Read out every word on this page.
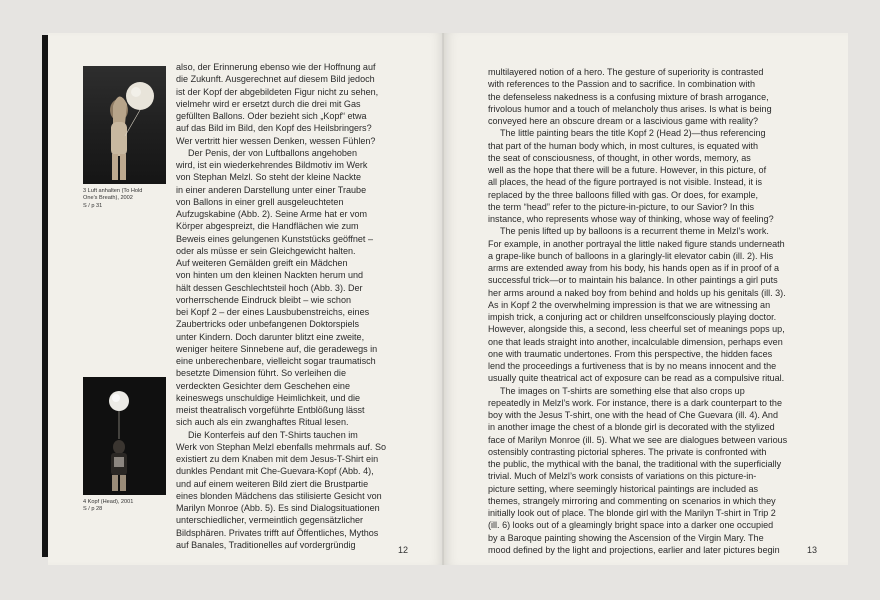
3 Luft anhalten (To Hold
One's Breath), 2002
S / p 31
4 Kopf (Head), 2001
S / p 28

also, der Erinnerung ebenso wie der Hoffnung auf
die Zukunft. Ausgerechnet auf diesem Bild jedoch
ist der Kopf der abgebildeten Figur nicht zu sehen,
vielmehr wird er ersetzt durch die drei mit Gas
gefüllten Ballons. Oder bezieht sich „Kopf“ etwa
auf das Bild im Bild, den Kopf des Heilsbringers?
Wer vertritt hier wessen Denken, wessen Fühlen?

Der Penis, der von Luftballons angehoben
wird, ist ein wiederkehrendes Bildmotiv im Werk
von Stephan Melzl. So steht der kleine Nackte
in einer anderen Darstellung unter einer Traube
von Ballons in einer grell ausgeleuchteten
Aufzugskabine (Abb. 2). Seine Arme hat er vom
Körper abgespreizt, die Handflächen wie zum
Beweis eines gelungenen Kunststücks geöffnet –
oder als müsse er sein Gleichgewicht halten.
Auf weiteren Gemälden greift ein Mädchen
von hinten um den kleinen Nackten herum und
hält dessen Geschlechtsteil hoch (Abb. 3). Der
vorherrschende Eindruck bleibt – wie schon
bei Kopf 2 – der eines Lausbubenstreichs, eines
Zaubertricks oder unbefangenen Doktorspiels
unter Kindern. Doch darunter blitzt eine zweite,
weniger heitere Sinnebene auf, die geradewegs in
eine unberechenbare, vielleicht sogar traumatisch
besetzte Dimension führt. So verleihen die
verdeckten Gesichter dem Geschehen eine
keineswegs unschuldige Heimlichkeit, und die
meist theatralisch vorgeführte Entblößung lässt
sich auch als ein zwanghaftes Ritual lesen.

Die Konterfeis auf den T-Shirts tauchen im
Werk von Stephan Melzl ebenfalls mehrmals auf. So
existiert zu dem Knaben mit dem Jesus-T-Shirt ein
dunkles Pendant mit Che-Guevara-Kopf (Abb. 4),
und auf einem weiteren Bild ziert die Brustpartie
eines blonden Mädchens das stilisierte Gesicht von
Marilyn Monroe (Abb. 5). Es sind Dialogsituationen
unterschiedlicher, vermeintlich gegensätzlicher
Bildsphären. Privates trifft auf Öffentliches, Mythos
auf Banales, Traditionelles auf vordergründig

12

multilayered notion of a hero. The gesture of superiority is contrasted
with references to the Passion and to sacrifice. In combination with
the defenseless nakedness is a confusing mixture of brash arrogance,
frivolous humor and a touch of melancholy thus arises. Is what is being
conveyed here an obscure dream or a lascivious game with reality?

The little painting bears the title Kopf 2 (Head 2)—thus referencing
that part of the human body which, in most cultures, is equated with
the seat of consciousness, of thought, in other words, memory, as
well as the hope that there will be a future. However, in this picture, of
all places, the head of the figure portrayed is not visible. Instead, it is
replaced by the three balloons filled with gas. Or does, for example,
the term “head” refer to the picture-in-picture, to our Savior? In this
instance, who represents whose way of thinking, whose way of feeling?

The penis lifted up by balloons is a recurrent theme in Melzl’s work.
For example, in another portrayal the little naked figure stands underneath
a grape-like bunch of balloons in a glaringly-lit elevator cabin (ill. 2). His
arms are extended away from his body, his hands open as if in proof of a
successful trick—or to maintain his balance. In other paintings a girl puts
her arms around a naked boy from behind and holds up his genitals (ill. 3).
As in Kopf 2 the overwhelming impression is that we are witnessing an
impish trick, a conjuring act or children unselfconsciously playing doctor.
However, alongside this, a second, less cheerful set of meanings pops up,
one that leads straight into another, incalculable dimension, perhaps even
one with traumatic undertones. From this perspective, the hidden faces
lend the proceedings a furtiveness that is by no means innocent and the
usually quite theatrical act of exposure can be read as a compulsive ritual.

The images on T-shirts are something else that also crops up
repeatedly in Melzl’s work. For instance, there is a dark counterpart to the
boy with the Jesus T-shirt, one with the head of Che Guevara (ill. 4). And
in another image the chest of a blonde girl is decorated with the stylized
face of Marilyn Monroe (ill. 5). What we see are dialogues between various
ostensibly contrasting pictorial spheres. The private is confronted with
the public, the mythical with the banal, the traditional with the superficially
trivial. Much of Melzl’s work consists of variations on this picture-in-
picture setting, where seemingly historical paintings are included as
themes, strangely mirroring and commenting on scenarios in which they
initially look out of place. The blonde girl with the Marilyn T-shirt in Trip 2
(ill. 6) looks out of a gleamingly bright space into a darker one occupied
by a Baroque painting showing the Ascension of the Virgin Mary. The
mood defined by the light and projections, earlier and later pictures begin	13
